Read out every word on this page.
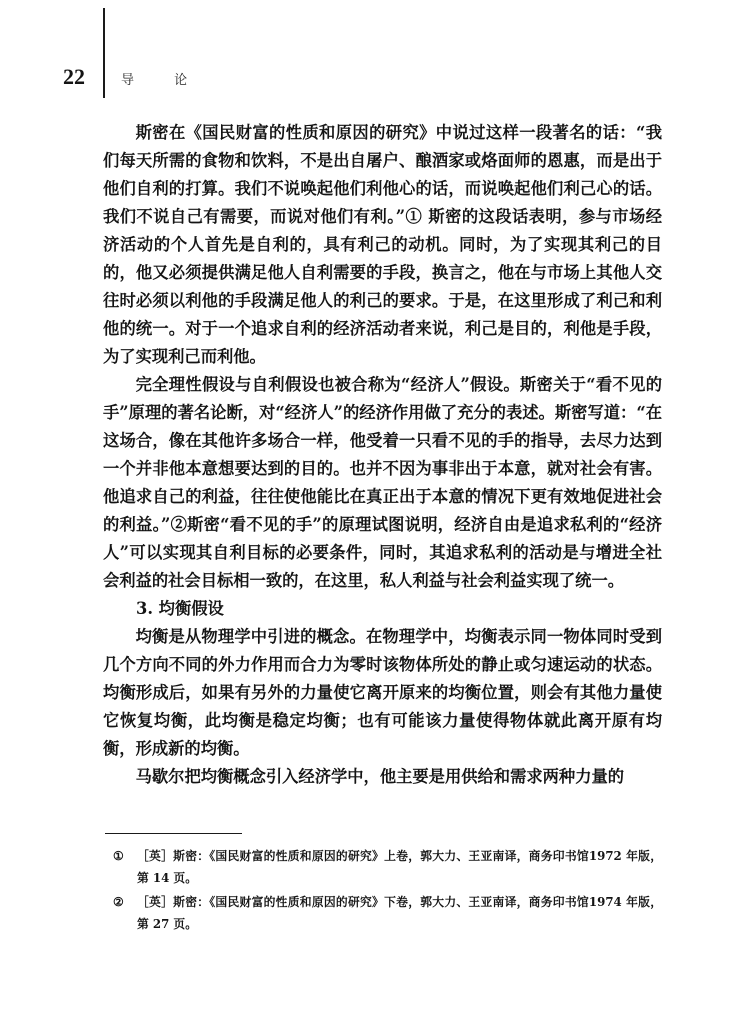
22	导 论

斯密在《国民财富的性质和原因的研究》中说过这样一段著名的话：“我们每天所需的食物和饮料，不是出自屠户、酿酒家或烙面师的恩惠，而是出于他们自利的打算。我们不说唤起他们利他心的话，而说唤起他们利己心的话。我们不说自己有需要，而说对他们有利。”① 斯密的这段话表明，参与市场经济活动的个人首先是自利的，具有利己的动机。同时，为了实现其利己的目的，他又必须提供满足他人自利需要的手段，换言之，他在与市场上其他人交往时必须以利他的手段满足他人的利己的要求。于是，在这里形成了利己和利他的统一。对于一个追求自利的经济活动者来说，利己是目的，利他是手段，为了实现利己而利他。

完全理性假设与自利假设也被合称为“经济人”假设。斯密关于“看不见的手”原理的著名论断，对“经济人”的经济作用做了充分的表述。斯密写道：“在这场合，像在其他许多场合一样，他受着一只看不见的手的指导，去尽力达到一个并非他本意想要达到的目的。也并不因为事非出于本意，就对社会有害。他追求自己的利益，往往使他能比在真正出于本意的情况下更有效地促进社会的利益。”②斯密“看不见的手”的原理试图说明，经济自由是追求私利的“经济人”可以实现其自利目标的必要条件，同时，其追求私利的活动是与增进全社会利益的社会目标相一致的，在这里，私人利益与社会利益实现了统一。

3. 均衡假设

均衡是从物理学中引进的概念。在物理学中，均衡表示同一物体同时受到几个方向不同的外力作用而合力为零时该物体所处的静止或匀速运动的状态。均衡形成后，如果有另外的力量使它离开原来的均衡位置，则会有其他力量使它恢复均衡，此均衡是稳定均衡；也有可能该力量使得物体就此离开原有均衡，形成新的均衡。

马歇尔把均衡概念引入经济学中，他主要是用供给和需求两种力量的

①	［英］斯密：《国民财富的性质和原因的研究》上卷，郭大力、王亚南译，商务印书馆1972 年版，第 14 页。
②	［英］斯密：《国民财富的性质和原因的研究》下卷，郭大力、王亚南译，商务印书馆1974 年版，第 27 页。
